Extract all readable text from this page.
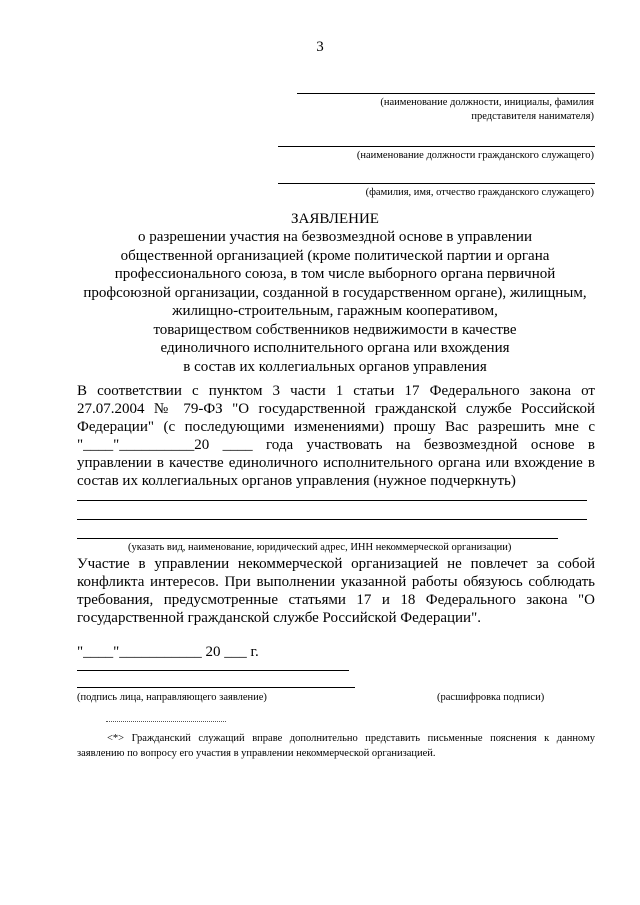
3
(наименование должности, инициалы, фамилия
представителя нанимателя)
(наименование должности гражданского служащего)
(фамилия, имя, отчество гражданского служащего)
ЗАЯВЛЕНИЕ
о разрешении участия на безвозмездной основе в управлении
общественной организацией (кроме политической партии и органа
профессионального союза, в том числе выборного органа первичной
профсоюзной организации, созданной в государственном органе), жилищным,
жилищно-строительным, гаражным кооперативом,
товариществом собственников недвижимости в качестве
единоличного исполнительного органа или вхождения
в состав их коллегиальных органов управления
В соответствии с пунктом 3 части 1 статьи 17 Федерального закона от
27.07.2004 № 79-ФЗ "О государственной гражданской службе Российской
Федерации" (с последующими изменениями) прошу Вас разрешить мне с
"____"__________20 ____ года участвовать на безвозмездной основе в
управлении в качестве единоличного исполнительного органа или вхождение в
состав их коллегиальных органов управления (нужное подчеркнуть)
(указать вид, наименование, юридический адрес, ИНН некоммерческой организации)
Участие в управлении некоммерческой организацией не повлечет за собой
конфликта интересов. При выполнении указанной работы обязуюсь соблюдать
требования, предусмотренные статьями 17 и 18 Федерального закона "О
государственной гражданской службе Российской Федерации".
"____"___________ 20 ___ г.
(подпись лица, направляющего заявление)	(расшифровка подписи)
<*> Гражданский служащий вправе дополнительно представить письменные пояснения к данному
заявлению по вопросу его участия в управлении некоммерческой организацией.
